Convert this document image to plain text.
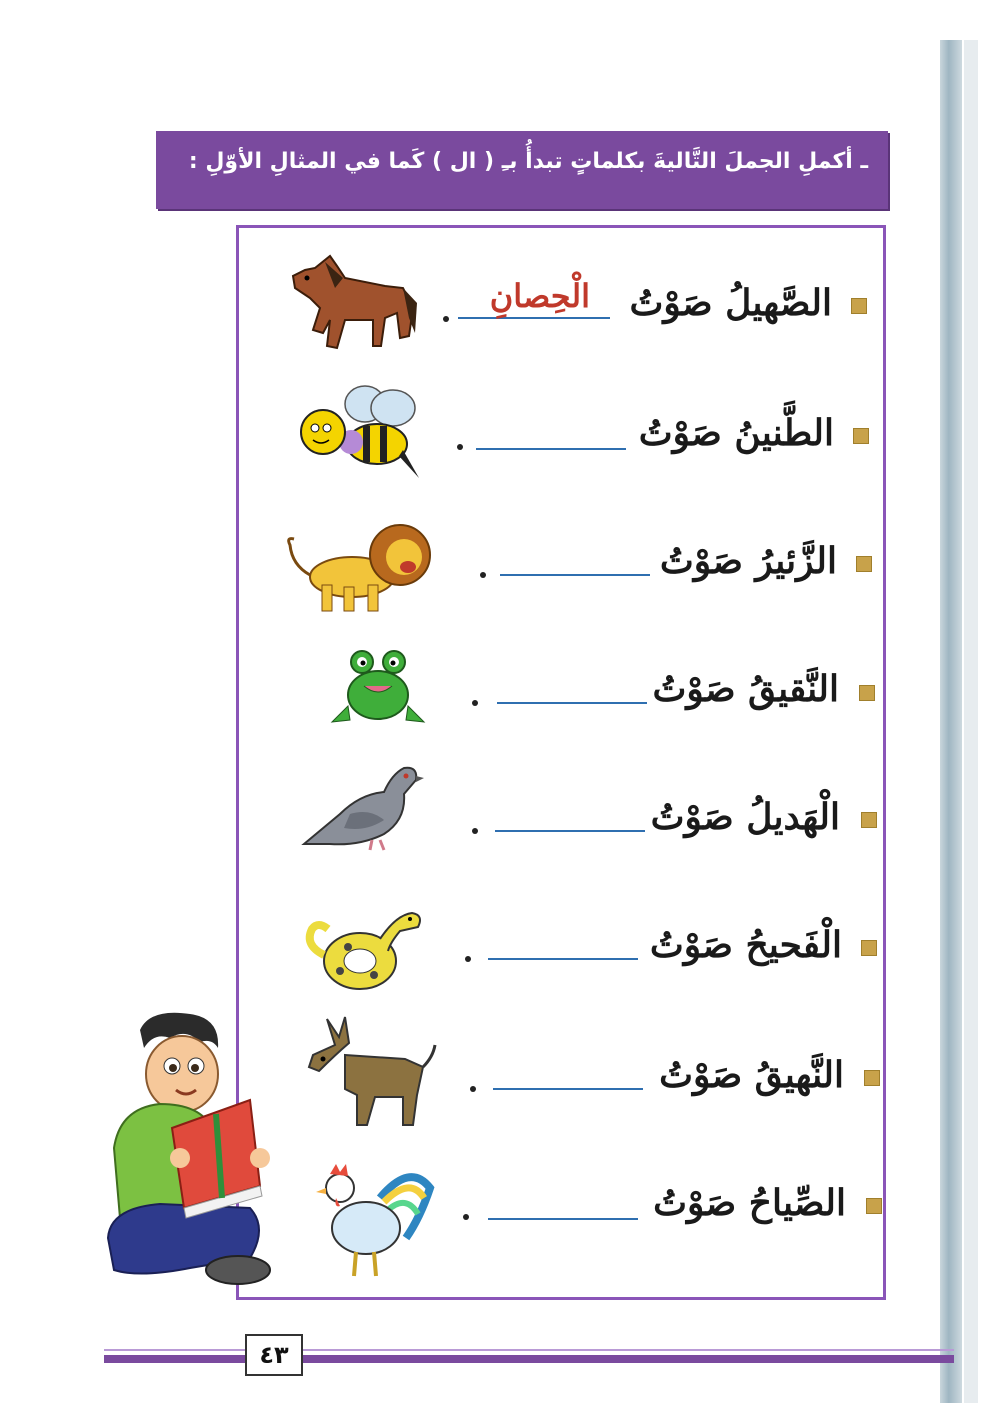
ـ أكملِ الجملَ التَّاليةَ بكلماتٍ تبدأُ بـِ ( ال ) كَما في المثالِ الأوّلِ :
الصَّهيلُ صَوْتُ
الْحِصانِ
الطَّنينُ صَوْتُ
الزَّئيرُ صَوْتُ
النَّقيقُ صَوْتُ
الْهَديلُ صَوْتُ
الْفَحيحُ صَوْتُ
النَّهيقُ صَوْتُ
الصِّياحُ صَوْتُ
٤٣
